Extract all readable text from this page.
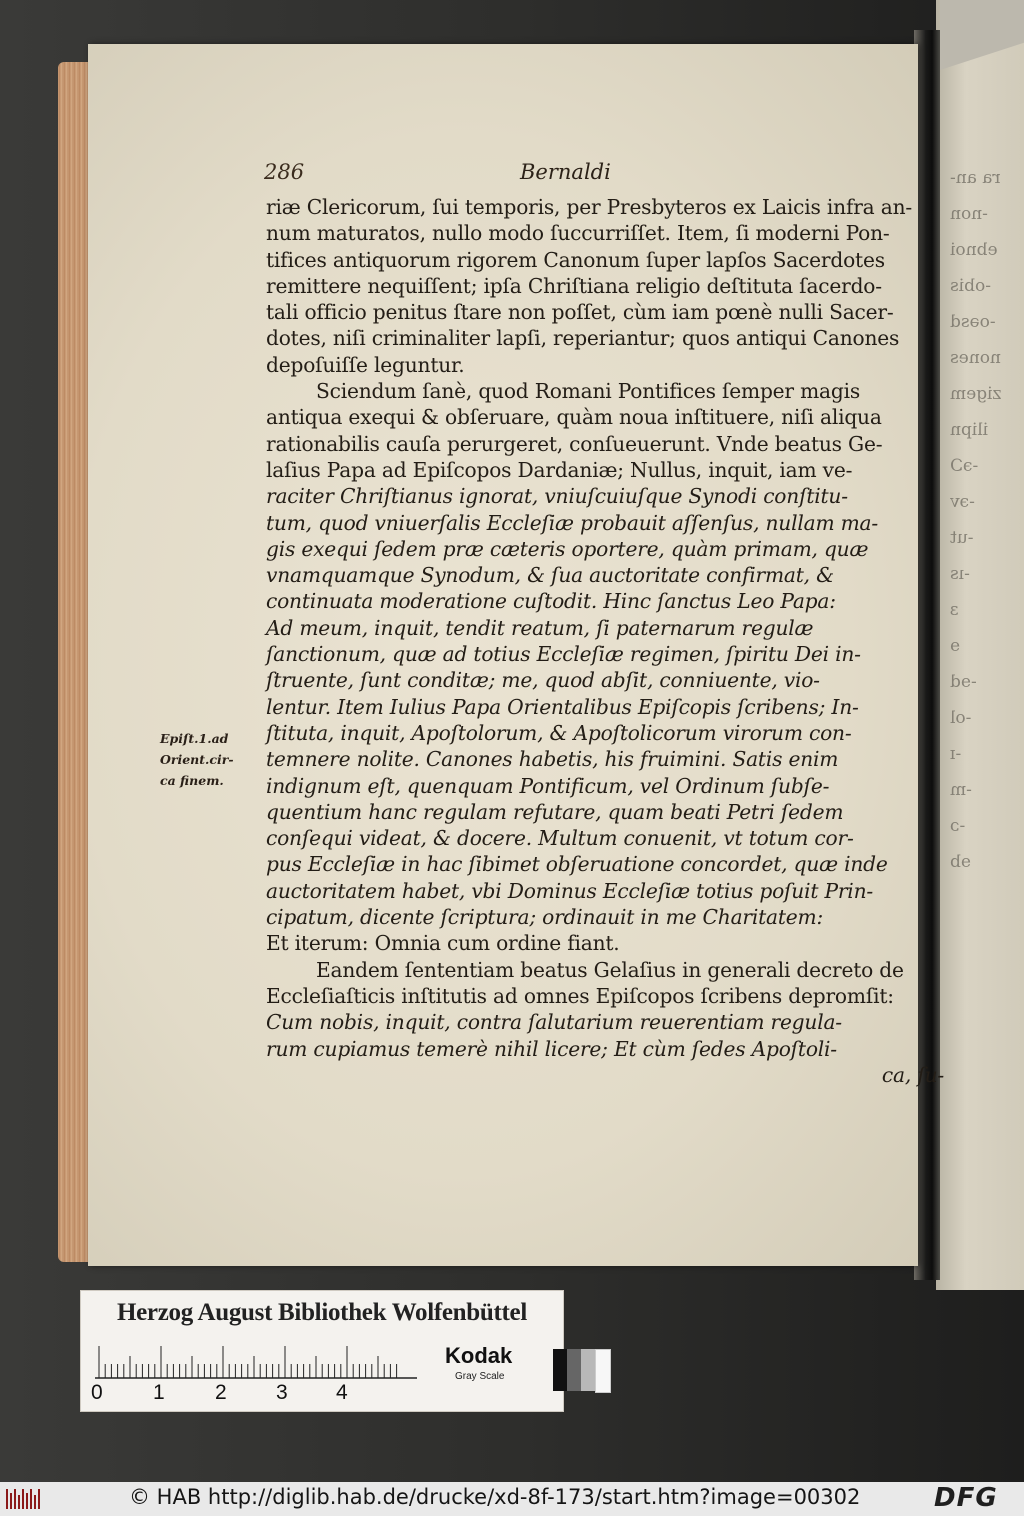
ra an-
-non
ebnoi
-obis
-oəsd
nones
zigem
ilipn
-эƆ
-эv
-ut
-ıs
ɜ
ɘ
-ɘd
-ol
-ɪ
-m
-ɔ
ɘb
286	Bernaldi
riæ Clericorum, ſui temporis, per Presbyteros ex Laicis infra an-
num maturatos, nullo modo ſuccurriſſet. Item, ſi moderni Pon-
tifices antiquorum rigorem Canonum ſuper lapſos Sacerdotes
remittere nequiſſent; ipſa Chriſtiana religio deſtituta ſacerdo-
tali officio penitus ſtare non poſſet, cùm iam pœnè nulli Sacer-
dotes, niſi criminaliter lapſi, reperiantur; quos antiqui Canones
depoſuiſſe leguntur.
Sciendum ſanè, quod Romani Pontifices ſemper magis
antiqua exequi & obſeruare, quàm noua inſtituere, niſi aliqua
rationabilis cauſa perurgeret, conſueuerunt. Vnde beatus Ge-
laſius Papa ad Epiſcopos Dardaniæ; Nullus, inquit, iam ve-
raciter Chriſtianus ignorat, vniuſcuiuſque Synodi conſtitu-
tum, quod vniuerſalis Eccleſiæ probauit aſſenſus, nullam ma-
gis exequi ſedem præ cæteris oportere, quàm primam, quæ
vnamquamque Synodum, & ſua auctoritate confirmat, &
continuata moderatione cuſtodit. Hinc ſanctus Leo Papa:
Ad meum, inquit, tendit reatum, ſi paternarum regulæ
ſanctionum, quæ ad totius Eccleſiæ regimen, ſpiritu Dei in-
ſtruente, ſunt conditæ; me, quod abſit, conniuente, vio-
lentur. Item Iulius Papa Orientalibus Epiſcopis ſcribens; In-
ſtituta, inquit, Apoſtolorum, & Apoſtolicorum virorum con-
temnere nolite. Canones habetis, his fruimini. Satis enim
indignum eſt, quenquam Pontificum, vel Ordinum ſubſe-
quentium hanc regulam refutare, quam beati Petri ſedem
conſequi videat, & docere. Multum conuenit, vt totum cor-
pus Eccleſiæ in hac ſibimet obſeruatione concordet, quæ inde
auctoritatem habet, vbi Dominus Eccleſiæ totius poſuit Prin-
cipatum, dicente ſcriptura; ordinauit in me Charitatem:
Et iterum: Omnia cum ordine fiant.
Eandem ſententiam beatus Gelaſius in generali decreto de
Eccleſiaſticis inſtitutis ad omnes Epiſcopos ſcribens depromſit:
Cum nobis, inquit, contra ſalutarium reuerentiam regula-
rum cupiamus temerè nihil licere; Et cùm ſedes Apoſtoli-
ca, ſu-
Epiſt.1.ad
Orient.cir-
ca finem.
Herzog August Bibliothek Wolfenbüttel
0 1 2 3 4
Kodak
Gray Scale
© HAB http://diglib.hab.de/drucke/xd-8f-173/start.htm?image=00302	DFG
